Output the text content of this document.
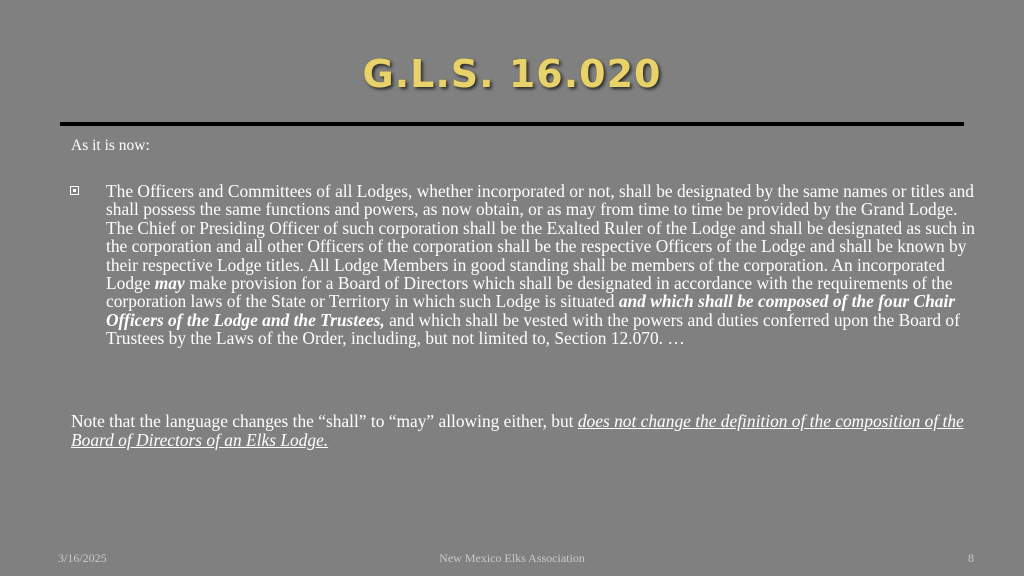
G.L.S. 16.020
As it is now:
The Officers and Committees of all Lodges, whether incorporated or not, shall be designated by the same names or titles and shall possess the same functions and powers, as now obtain, or as may from time to time be provided by the Grand Lodge. The Chief or Presiding Officer of such corporation shall be the Exalted Ruler of the Lodge and shall be designated as such in the corporation and all other Officers of the corporation shall be the respective Officers of the Lodge and shall be known by their respective Lodge titles. All Lodge Members in good standing shall be members of the corporation. An incorporated Lodge may make provision for a Board of Directors which shall be designated in accordance with the requirements of the corporation laws of the State or Territory in which such Lodge is situated and which shall be composed of the four Chair Officers of the Lodge and the Trustees, and which shall be vested with the powers and duties conferred upon the Board of Trustees by the Laws of the Order, including, but not limited to, Section 12.070. …
Note that the language changes the “shall” to “may” allowing either, but does not change the definition of the composition of the Board of Directors of an Elks Lodge.
3/16/2025	New Mexico Elks Association	8
